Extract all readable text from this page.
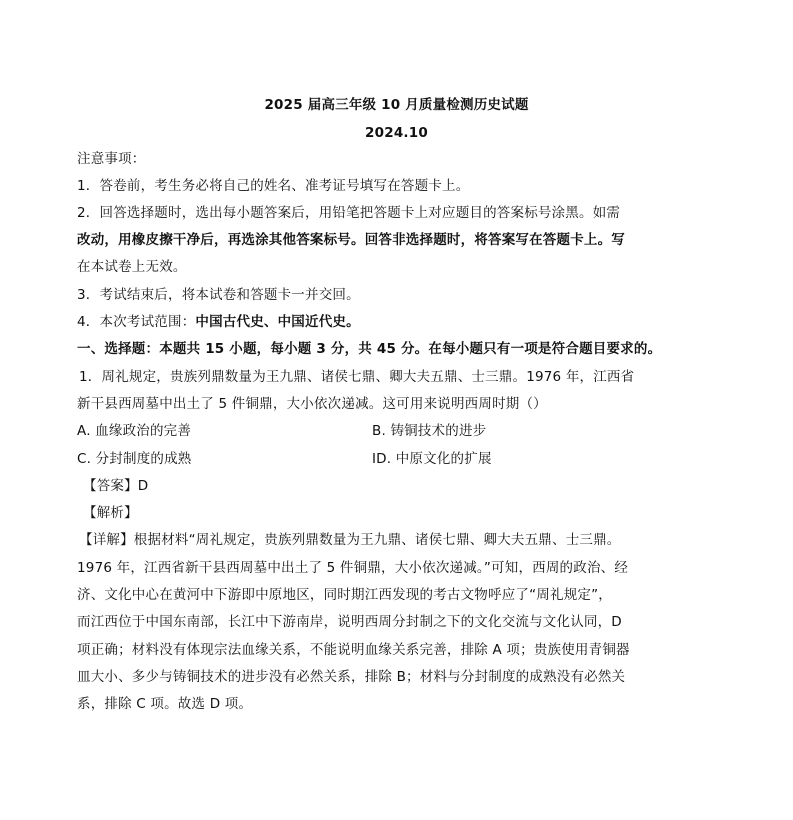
2025 届高三年级 10 月质量检测历史试题
2024.10
注意事项：
1．答卷前，考生务必将自己的姓名、准考证号填写在答题卡上。
2．回答选择题时，选出每小题答案后，用铅笔把答题卡上对应题目的答案标号涂黑。如需
改动，用橡皮擦干净后，再选涂其他答案标号。回答非选择题时，将答案写在答题卡上。写
在本试卷上无效。
3．考试结束后，将本试卷和答题卡一并交回。
4．本次考试范围：中国古代史、中国近代史。
一、选择题：本题共 15 小题，每小题 3 分，共 45 分。在每小题只有一项是符合题目要求的。
1．周礼规定，贵族列鼎数量为王九鼎、诸侯七鼎、卿大夫五鼎、士三鼎。1976 年，江西省
新干县西周墓中出土了 5 件铜鼎，大小依次递减。这可用来说明西周时期（）
A. 血缘政治的完善	B. 铸铜技术的进步
C. 分封制度的成熟	ID. 中原文化的扩展
【答案】D
【解析】
【详解】根据材料“周礼规定，贵族列鼎数量为王九鼎、诸侯七鼎、卿大夫五鼎、士三鼎。
1976 年，江西省新干县西周墓中出土了 5 件铜鼎，大小依次递减。”可知，西周的政治、经
济、文化中心在黄河中下游即中原地区，同时期江西发现的考古文物呼应了“周礼规定”，
而江西位于中国东南部，长江中下游南岸，说明西周分封制之下的文化交流与文化认同，D
项正确；材料没有体现宗法血缘关系，不能说明血缘关系完善，排除 A 项；贵族使用青铜器
皿大小、多少与铸铜技术的进步没有必然关系，排除 B；材料与分封制度的成熟没有必然关
系，排除 C 项。故选 D 项。
